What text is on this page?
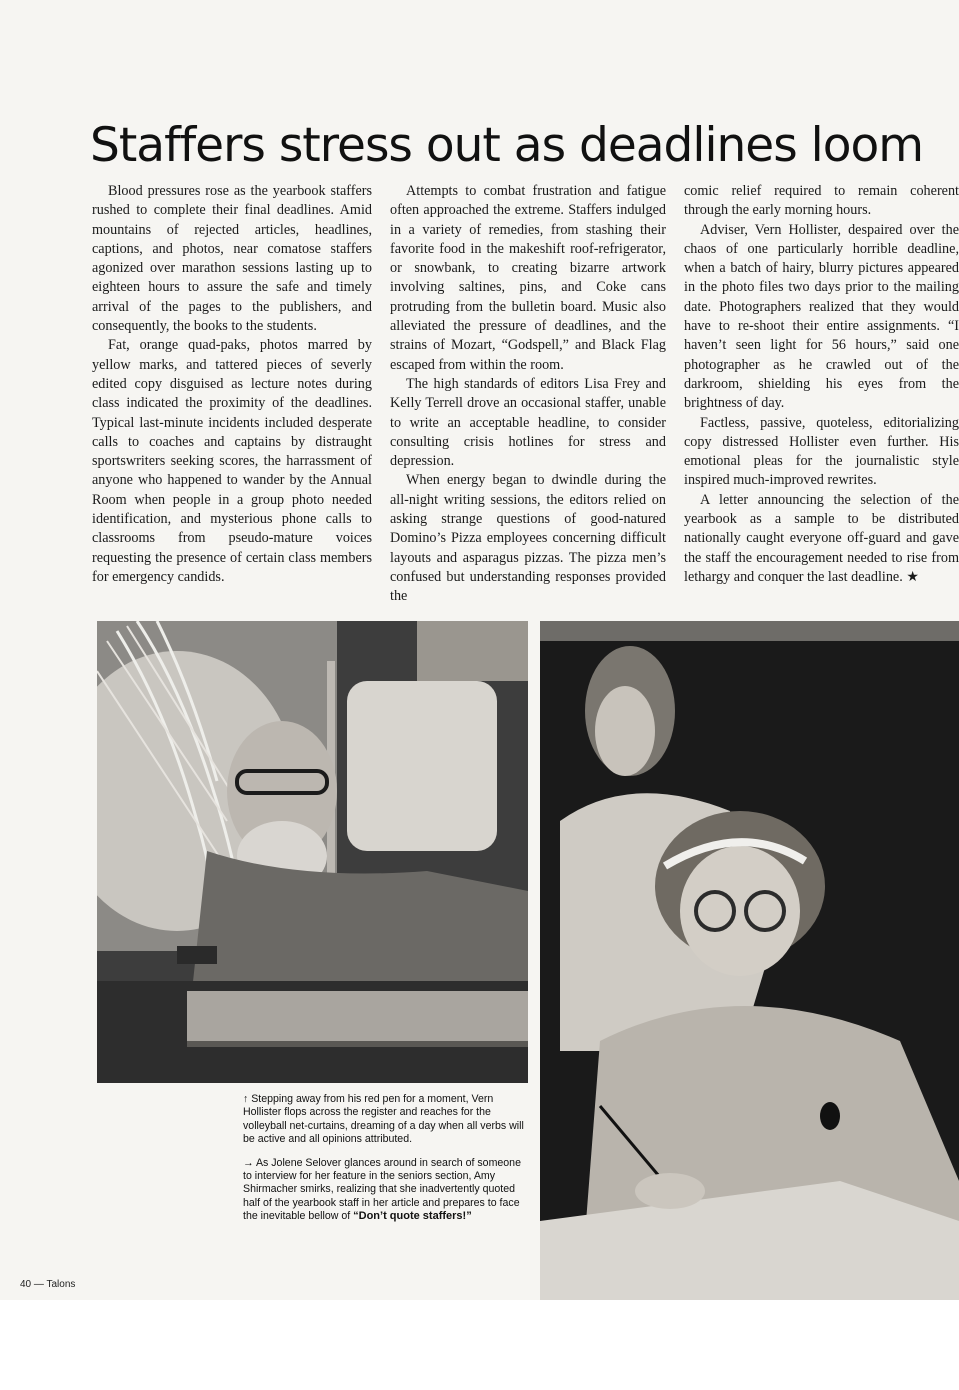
Staffers stress out as deadlines loom

Blood pressures rose as the yearbook staffers rushed to complete their final deadlines. Amid mountains of rejected articles, headlines, captions, and photos, near comatose staffers agonized over marathon sessions lasting up to eighteen hours to assure the safe and timely arrival of the pages to the publishers, and consequently, the books to the students.

Fat, orange quad-paks, photos marred by yellow marks, and tattered pieces of severly edited copy disguised as lecture notes during class indicated the proximity of the deadlines. Typical last-minute incidents included desperate calls to coaches and captains by distraught sportswriters seeking scores, the harrassment of anyone who happened to wander by the Annual Room when people in a group photo needed identification, and mysterious phone calls to classrooms from pseudo-mature voices requesting the presence of certain class members for emergency candids.

Attempts to combat frustration and fatigue often approached the extreme. Staffers indulged in a variety of remedies, from stashing their favorite food in the makeshift roof-refrigerator, or snowbank, to creating bizarre artwork involving saltines, pins, and Coke cans protruding from the bulletin board. Music also alleviated the pressure of deadlines, and the strains of Mozart, “Godspell,” and Black Flag escaped from within the room.

The high standards of editors Lisa Frey and Kelly Terrell drove an occasional staffer, unable to write an acceptable headline, to consider consulting crisis hotlines for stress and depression.

When energy began to dwindle during the all-night writing sessions, the editors relied on asking strange questions of good-natured Domino’s Pizza employees concerning difficult layouts and asparagus pizzas. The pizza men’s confused but understanding responses provided the

comic relief required to remain coherent through the early morning hours.

Adviser, Vern Hollister, despaired over the chaos of one particularly horrible deadline, when a batch of hairy, blurry pictures appeared in the photo files two days prior to the mailing date. Photographers realized that they would have to re-shoot their entire assignments. “I haven’t seen light for 56 hours,” said one photographer as he crawled out of the darkroom, shielding his eyes from the brightness of day.

Factless, passive, quoteless, editorializing copy distressed Hollister even further. His emotional pleas for the journalistic style inspired much-improved rewrites.

A letter announcing the selection of the yearbook as a sample to be distributed nationally caught everyone off-guard and gave the staff the encouragement needed to rise from lethargy and conquer the last deadline. ★

↑ Stepping away from his red pen for a moment, Vern Hollister flops across the register and reaches for the volleyball net-curtains, dreaming of a day when all verbs will be active and all opinions attributed.

→ As Jolene Selover glances around in search of someone to interview for her feature in the seniors section, Amy Shirmacher smirks, realizing that she inadvertently quoted half of the yearbook staff in her article and prepares to face the inevitable bellow of “Don’t quote staffers!”

40 — Talons
